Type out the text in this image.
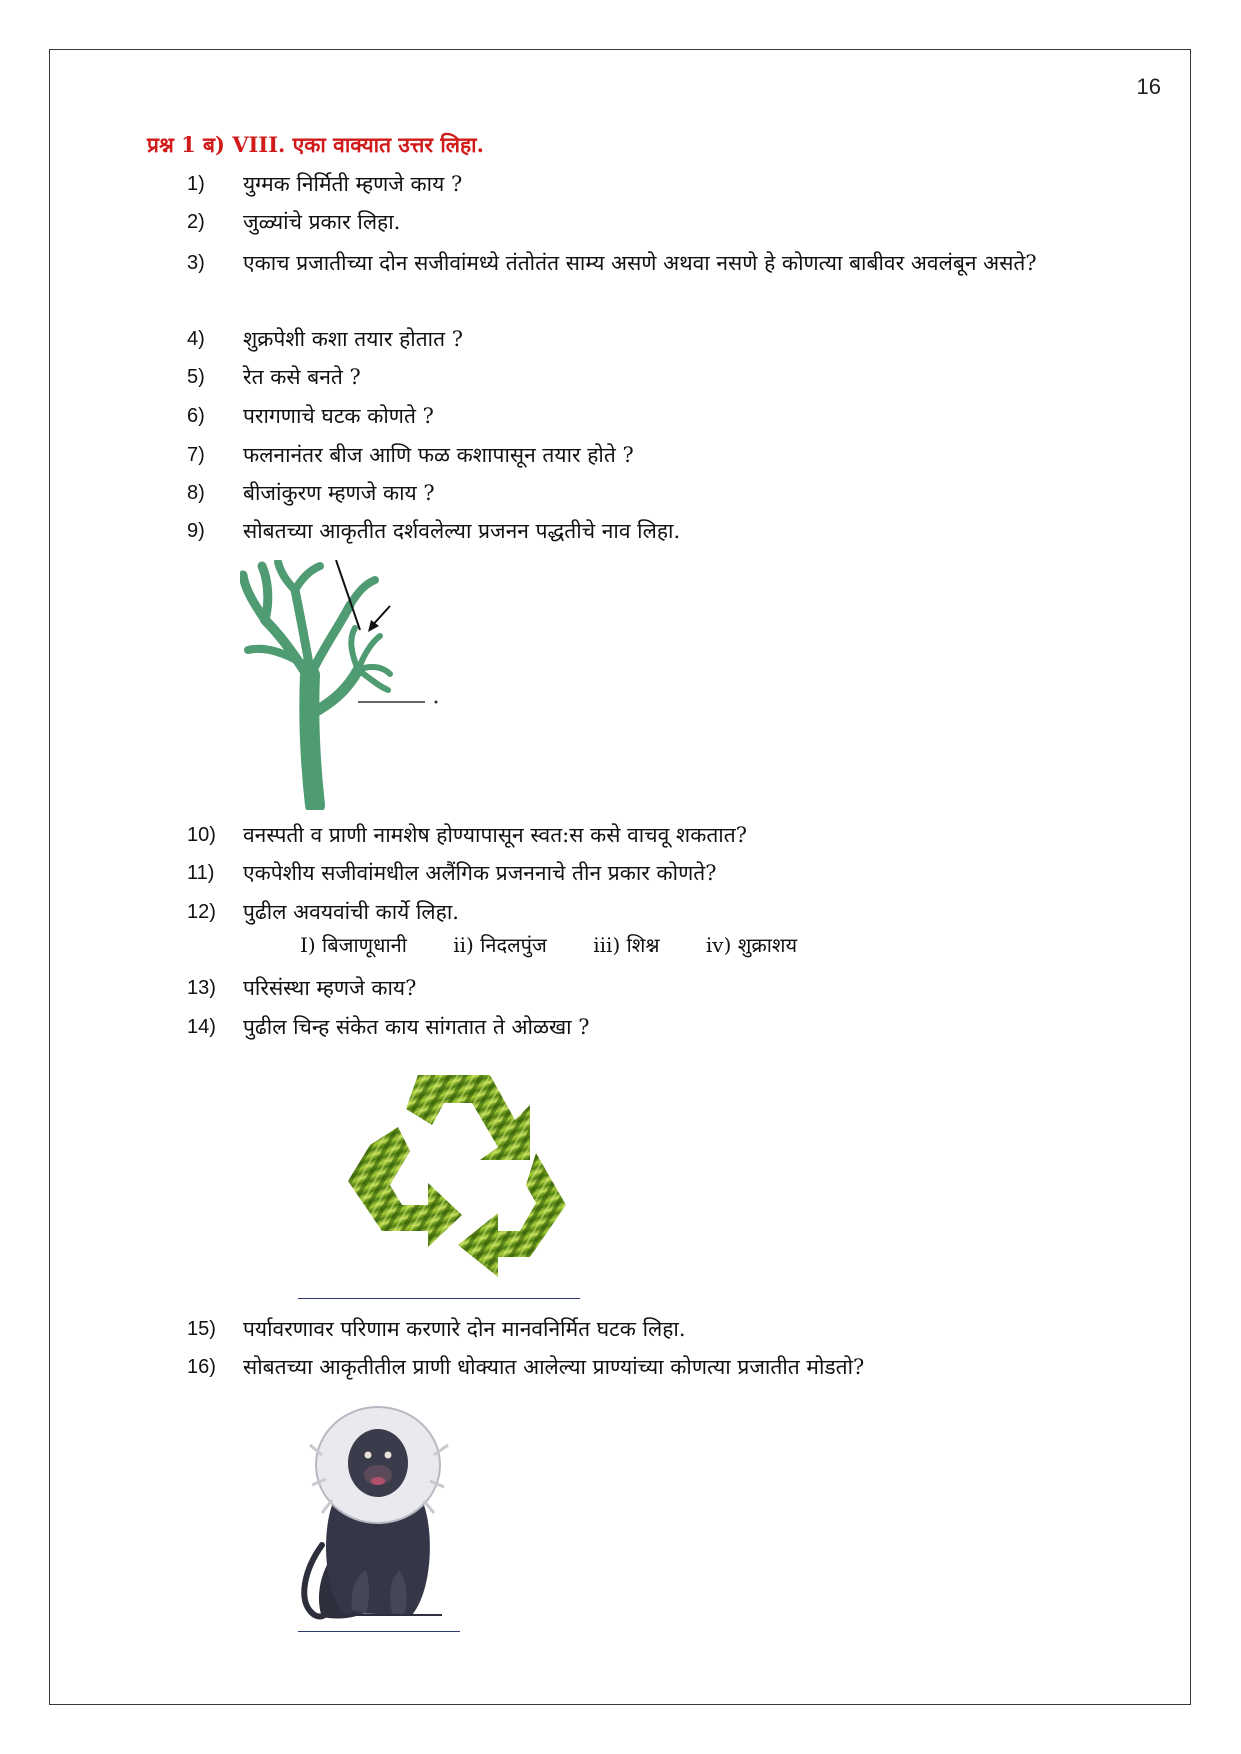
16
प्रश्न 1 ब) VIII. एका वाक्यात उत्तर लिहा.
1)	युग्मक निर्मिती म्हणजे काय ?
2)	जुळ्यांचे प्रकार लिहा.
3)	एकाच प्रजातीच्या दोन सजीवांमध्ये तंतोतंत साम्य असणे अथवा नसणे हे कोणत्या बाबीवर अवलंबून असते?
4)	शुक्रपेशी कशा तयार होतात ?
5)	रेत कसे बनते ?
6)	परागणाचे घटक कोणते ?
7)	फलनानंतर बीज आणि फळ कशापासून तयार होते ?
8)	बीजांकुरण म्हणजे काय ?
9)	सोबतच्या आकृतीत दर्शवलेल्या प्रजनन पद्धतीचे नाव लिहा.
10)	वनस्पती व प्राणी नामशेष होण्यापासून स्वत:स कसे वाचवू शकतात?
11)	एकपेशीय सजीवांमधील अलैंगिक प्रजननाचे तीन प्रकार कोणते?
12)	पुढील अवयवांची कार्ये लिहा.
I) बिजाणूधानी ii) निदलपुंज iii) शिश्न iv) शुक्राशय
13)	परिसंस्था म्हणजे काय?
14)	पुढील चिन्ह संकेत काय सांगतात ते ओळखा ?
15)	पर्यावरणावर परिणाम करणारे दोन मानवनिर्मित घटक लिहा.
16)	सोबतच्या आकृतीतील प्राणी धोक्यात आलेल्या प्राण्यांच्या कोणत्या प्रजातीत मोडतो?
